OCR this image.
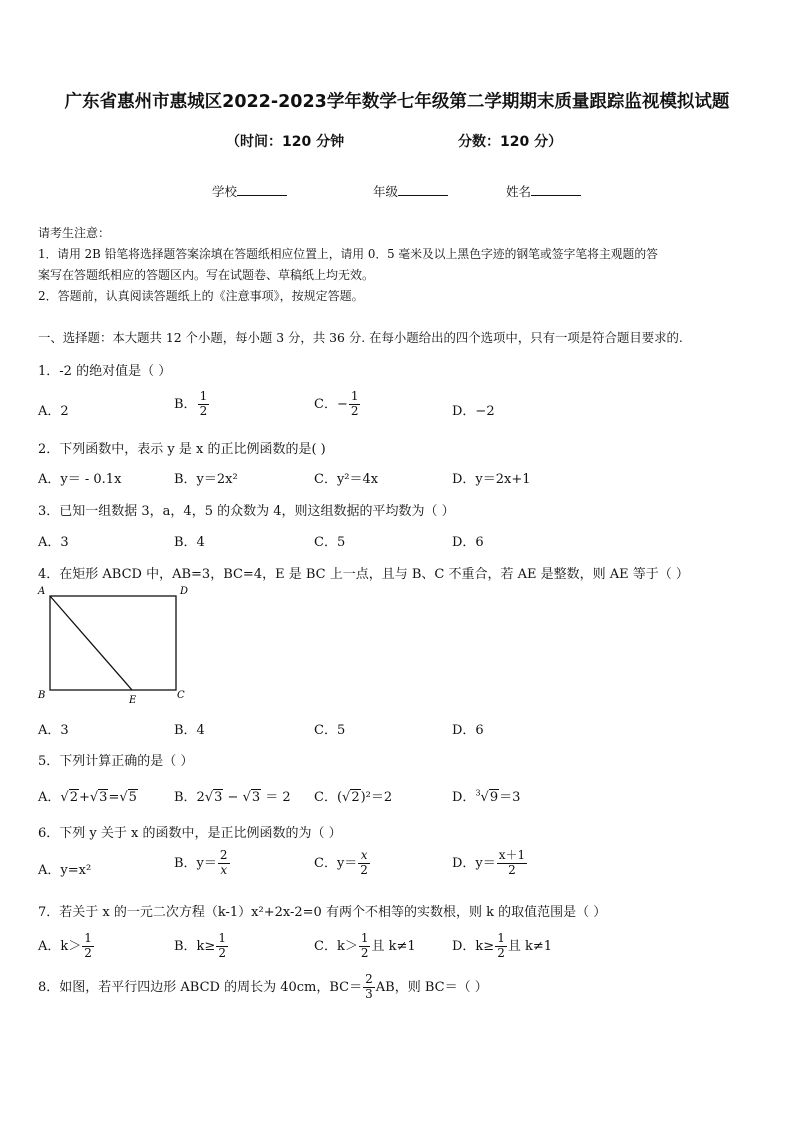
广东省惠州市惠城区2022-2023学年数学七年级第二学期期末质量跟踪监视模拟试题
（时间：120 分钟	分数：120 分）
学校	年级	姓名
请考生注意：
1．请用 2B 铅笔将选择题答案涂填在答题纸相应位置上，请用 0．5 毫米及以上黑色字迹的钢笔或签字笔将主观题的答
案写在答题纸相应的答题区内。写在试题卷、草稿纸上均无效。
2．答题前，认真阅读答题纸上的《注意事项》，按规定答题。
一、选择题：本大题共 12 个小题，每小题 3 分，共 36 分. 在每小题给出的四个选项中，只有一项是符合题目要求的.
1．-2 的绝对值是（ ）
A．2	B． $\frac{1}{2}$	C．− $\frac{1}{2}$	D．−2
2．下列函数中，表示 y 是 x 的正比例函数的是( )
A．y＝ - 0.1x	B．y＝2x²	C．y²＝4x	D．y＝2x+1
3．已知一组数据 3，a，4，5 的众数为 4，则这组数据的平均数为（ ）
A．3	B．4	C．5	D．6
4．在矩形 ABCD 中，AB=3，BC=4，E 是 BC 上一点，且与 B、C 不重合，若 AE 是整数，则 AE 等于（ ）
A	D
B	C
E
A．3	B．4	C．5	D．6
5．下列计算正确的是（ ）
A．√2+√3=√5	B．2√3 − √3 ＝ 2 C．(√2)²＝2	D．$^3$√9＝3
6．下列 y 关于 x 的函数中，是正比例函数的为（ ）
A．y=x²	B．$y= \frac{2}{x}$	C．$y= \frac{x}{2}$	D．$y= \frac{x+1}{2}$
7．若关于 x 的一元二次方程（k-1）x²+2x-2=0 有两个不相等的实数根，则 k 的取值范围是（ ）
A．$k> \frac{1}{2}$	B．$k\ge \frac{1}{2}$	C．$k> \frac{1}{2}$ 且 k≠1	D．$k\ge \frac{1}{2}$ 且 k≠1
8．如图，若平行四边形 ABCD 的周长为 40cm，$BC= \frac{2}{3}$ AB，则 BC＝（ ）
